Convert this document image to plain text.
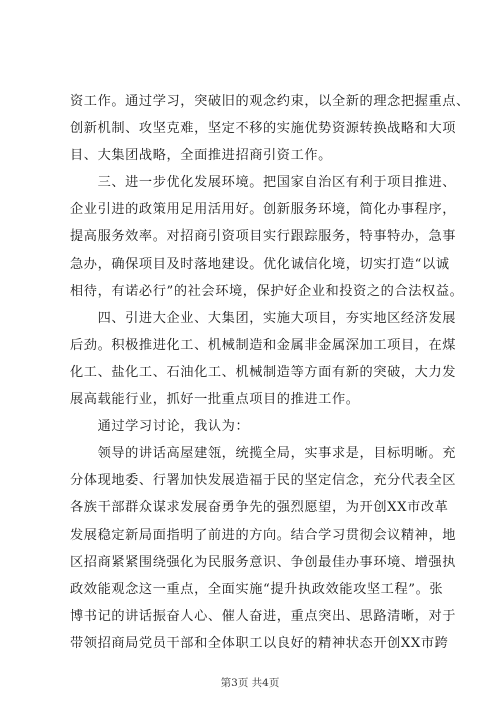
资工作。通过学习，突破旧的观念约束，以全新的理念把握重点、
创新机制、攻坚克难，坚定不移的实施优势资源转换战略和大项
目、大集团战略，全面推进招商引资工作。
　　三、进一步优化发展环境。把国家自治区有利于项目推进、
企业引进的政策用足用活用好。创新服务环境，简化办事程序，
提高服务效率。对招商引资项目实行跟踪服务，特事特办，急事
急办，确保项目及时落地建设。优化诚信化境，切实打造“以诚
相待，有诺必行”的社会环境，保护好企业和投资之的合法权益。
　　四、引进大企业、大集团，实施大项目，夯实地区经济发展
后劲。积极推进化工、机械制造和金属非金属深加工项目，在煤
化工、盐化工、石油化工、机械制造等方面有新的突破，大力发
展高载能行业，抓好一批重点项目的推进工作。
　　通过学习讨论，我认为：
　　领导的讲话高屋建瓴，统揽全局，实事求是，目标明晰。充
分体现地委、行署加快发展造福于民的坚定信念，充分代表全区
各族干部群众谋求发展奋勇争先的强烈愿望，为开创XX市改革
发展稳定新局面指明了前进的方向。结合学习贯彻会议精神，地
区招商紧紧围绕强化为民服务意识、争创最佳办事环境、增强执
政效能观念这一重点，全面实施“提升执政效能攻坚工程”。张
博书记的讲话振奋人心、催人奋进，重点突出、思路清晰，对于
带领招商局党员干部和全体职工以良好的精神状态开创XX市跨
第3页 共4页
